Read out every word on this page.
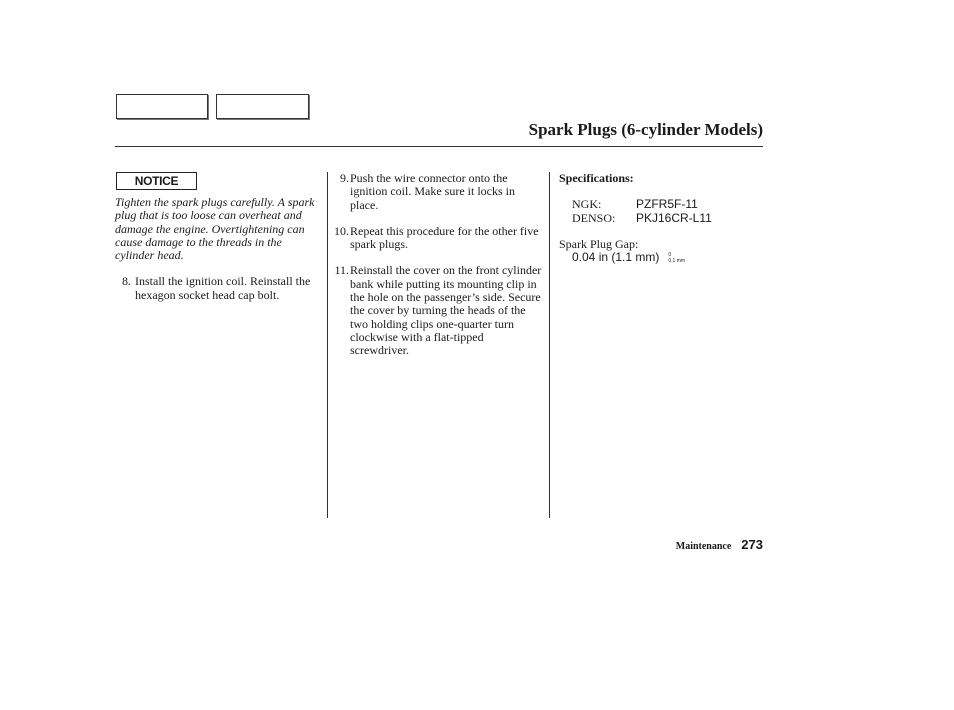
Spark Plugs (6-cylinder Models)
NOTICE

Tighten the spark plugs carefully. A spark plug that is too loose can overheat and damage the engine. Overtightening can cause damage to the threads in the cylinder head.

8. Install the ignition coil. Reinstall the hexagon socket head cap bolt.
9. Push the wire connector onto the ignition coil. Make sure it locks in place.
10. Repeat this procedure for the other five spark plugs.
11. Reinstall the cover on the front cylinder bank while putting its mounting clip in the hole on the passenger’s side. Secure the cover by turning the heads of the two holding clips one-quarter turn clockwise with a flat-tipped screwdriver.
Specifications:
NGK:	PZFR5F-11
DENSO:	PKJ16CR-L11
Spark Plug Gap:
0.04 in (1.1 mm) 0
0.1 mm
Maintenance 273
